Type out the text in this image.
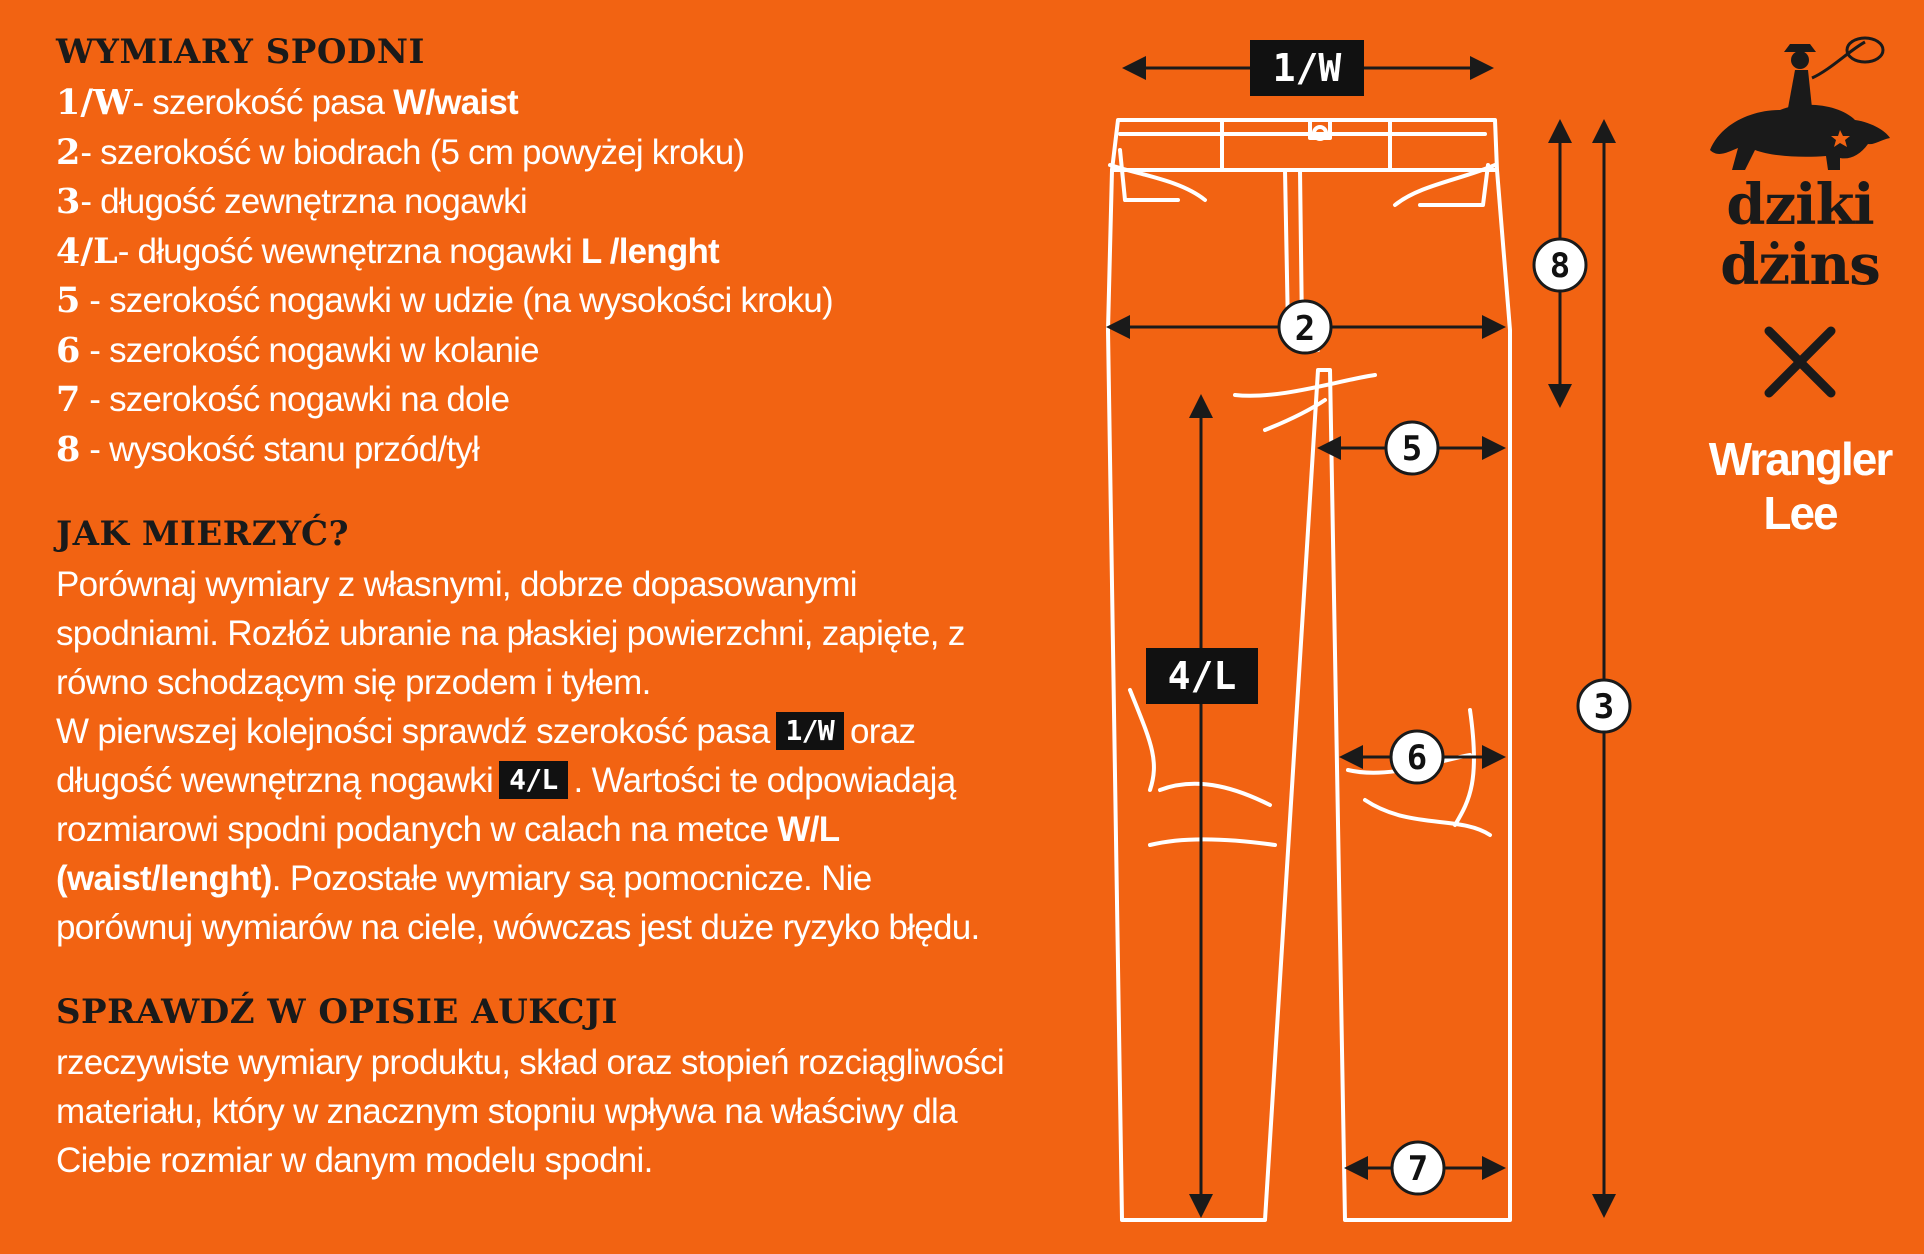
WYMIARY SPODNI
1/W- szerokość pasa W/waist
2- szerokość w biodrach (5 cm powyżej kroku)
3- długość zewnętrzna nogawki
4/L- długość wewnętrzna nogawki L /lenght
5 - szerokość nogawki w udzie (na wysokości kroku)
6 - szerokość nogawki w kolanie
7 - szerokość nogawki na dole
8 - wysokość stanu przód/tył
JAK MIERZYĆ?

Porównaj wymiary z własnymi, dobrze dopasowanymi spodniami. Rozłóż ubranie na płaskiej powierzchni, zapięte, z równo schodzącym się przodem i tyłem.

W pierwszej kolejności sprawdź szerokość pasa 1/W oraz długość wewnętrzną nogawki 4/L . Wartości te odpowiadają rozmiarowi spodni podanych w calach na metce W/L (waist/lenght). Pozostałe wymiary są pomocnicze. Nie porównuj wymiarów na ciele, wówczas jest duże ryzyko błędu.

SPRAWDŹ W OPISIE AUKCJI

rzeczywiste wymiary produktu, skład oraz stopień rozciągliwości materiału, który w znacznym stopniu wpływa na właściwy dla Ciebie rozmiar w danym modelu spodni.

1/W
4/L
2
5
6
7
8
3
dziki
dżins
Wrangler
Lee
